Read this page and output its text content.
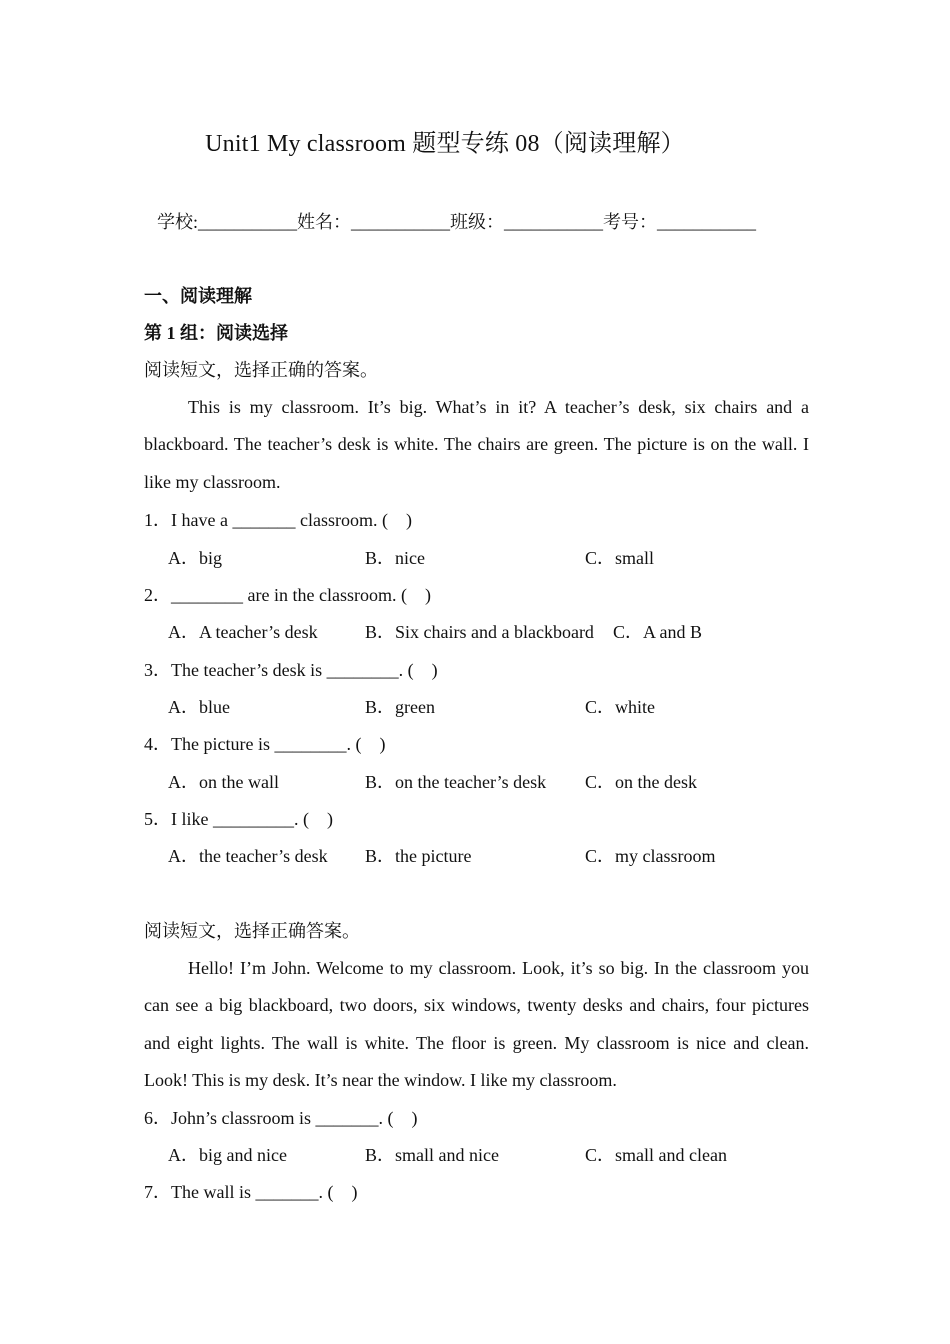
Unit1 My classroom 题型专练 08（阅读理解）
学校:___________姓名：___________班级：___________考号：___________
一、阅读理解
第 1 组：阅读选择
阅读短文，选择正确的答案。
This is my classroom. It’s big. What’s in it? A teacher’s desk, six chairs and a blackboard. The teacher’s desk is white. The chairs are green. The picture is on the wall. I like my classroom.
1．I have a _______ classroom. (　)
A．big	B．nice	C．small
2．________ are in the classroom. (　)
A．A teacher’s desk	B．Six chairs and a blackboard C．A and B
3．The teacher’s desk is ________. (　)
A．blue	B．green	C．white
4．The picture is ________. (　)
A．on the wall	B．on the teacher’s desk C．on the desk
5．I like _________. (　)
A．the teacher’s desk B．the picture	C．my classroom
阅读短文，选择正确答案。
Hello! I’m John. Welcome to my classroom. Look, it’s so big. In the classroom you can see a big blackboard, two doors, six windows, twenty desks and chairs, four pictures and eight lights. The wall is white. The floor is green. My classroom is nice and clean. Look! This is my desk. It’s near the window. I like my classroom.
6．John’s classroom is _______. (　)
A．big and nice	B．small and nice	C．small and clean
7．The wall is _______. (　)
